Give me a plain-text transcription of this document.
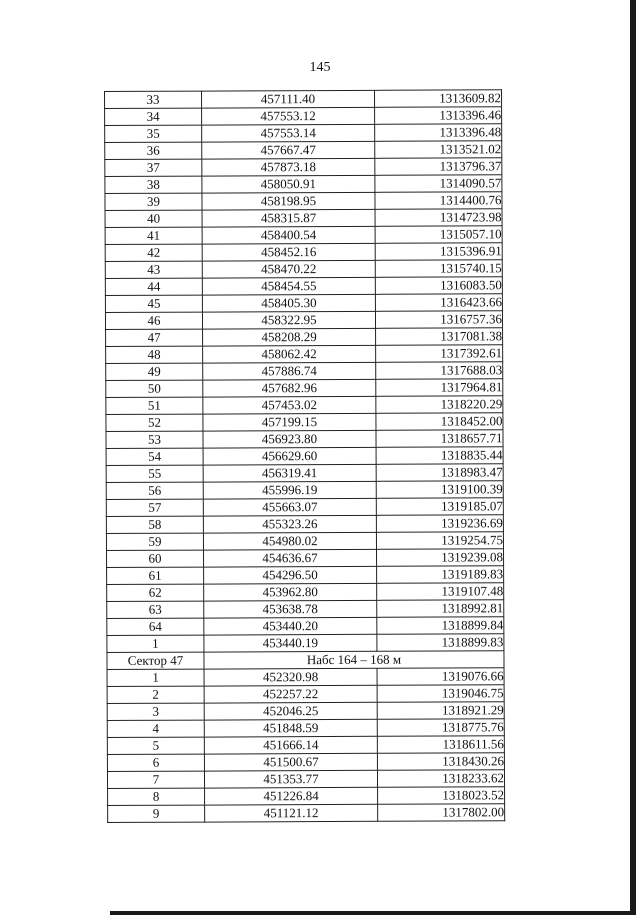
145
33	457111.40	1313609.82
34	457553.12	1313396.46
35	457553.14	1313396.48
36	457667.47	1313521.02
37	457873.18	1313796.37
38	458050.91	1314090.57
39	458198.95	1314400.76
40	458315.87	1314723.98
41	458400.54	1315057.10
42	458452.16	1315396.91
43	458470.22	1315740.15
44	458454.55	1316083.50
45	458405.30	1316423.66
46	458322.95	1316757.36
47	458208.29	1317081.38
48	458062.42	1317392.61
49	457886.74	1317688.03
50	457682.96	1317964.81
51	457453.02	1318220.29
52	457199.15	1318452.00
53	456923.80	1318657.71
54	456629.60	1318835.44
55	456319.41	1318983.47
56	455996.19	1319100.39
57	455663.07	1319185.07
58	455323.26	1319236.69
59	454980.02	1319254.75
60	454636.67	1319239.08
61	454296.50	1319189.83
62	453962.80	1319107.48
63	453638.78	1318992.81
64	453440.20	1318899.84
1	453440.19	1318899.83
Сектор 47	Набс 164 – 168 м	
1	452320.98	1319076.66
2	452257.22	1319046.75
3	452046.25	1318921.29
4	451848.59	1318775.76
5	451666.14	1318611.56
6	451500.67	1318430.26
7	451353.77	1318233.62
8	451226.84	1318023.52
9	451121.12	1317802.00
